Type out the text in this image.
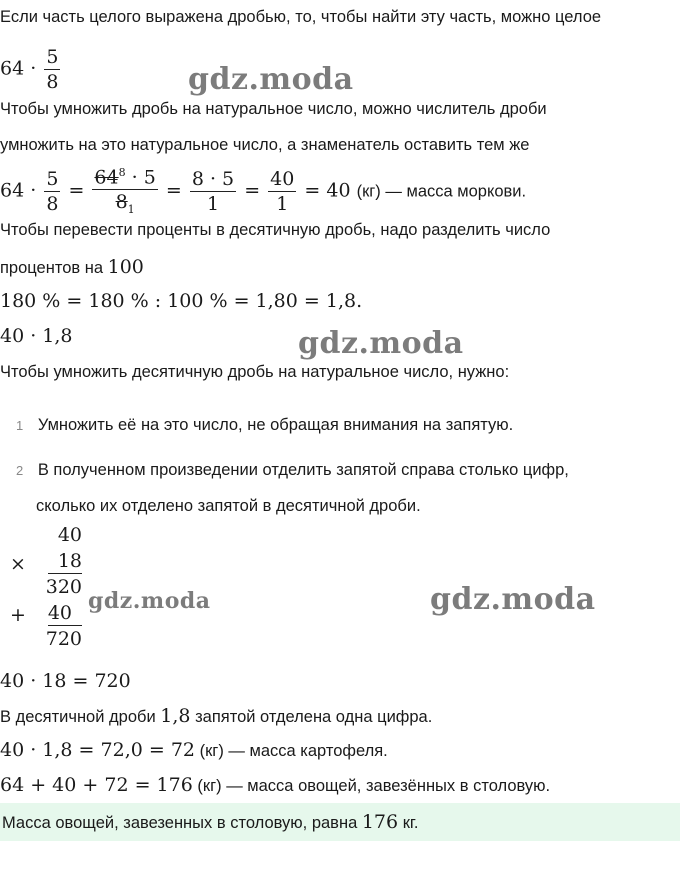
gdz.moda
gdz.moda
gdz.moda	gdz.moda
Если часть целого выражена дробью, то, чтобы найти эту часть, можно целое
$64 \cdot \frac{5}{8}$
Чтобы умножить дробь на натуральное число, можно числитель дроби
умножить на это натуральное число, а знаменатель оставить тем же
$64 \cdot \frac{5}{8} = \frac{64^8 \cdot 5}{8_1} = \frac{8 \cdot 5}{1} = \frac{40}{1} = 40$ (кг) — масса моркови.
Чтобы перевести проценты в десятичную дробь, надо разделить число
процентов на 100
180 % = 180 % : 100 % = 1,80 = 1,8.
40 · 1,8
Чтобы умножить десятичную дробь на натуральное число, нужно:
1 Умножить её на это число, не обращая внимания на запятую.
2 В полученном произведении отделить запятой справа столько цифр,
сколько их отделено запятой в десятичной дроби.
40
18
×
320
+	40
720
40 · 18 = 720
В десятичной дроби 1,8 запятой отделена одна цифра.
40 · 1,8 = 72,0 = 72 (кг) — масса картофеля.
64 + 40 + 72 = 176 (кг) — масса овощей, завезённых в столовую.
Масса овощей, завезенных в столовую, равна 176 кг.
